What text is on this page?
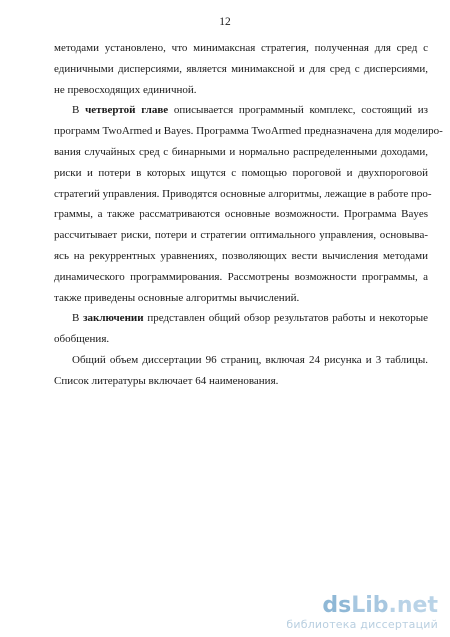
12
методами установлено, что минимаксная стратегия, полученная для сред с
единичными дисперсиями, является минимаксной и для сред с дисперсиями,
не превосходящих единичной.
В четвертой главе описывается программный комплекс, состоящий из
программ TwoArmed и Bayes. Программа TwoArmed предназначена для моделиро-
вания случайных сред с бинарными и нормально распределенными доходами,
риски и потери в которых ищутся с помощью пороговой и двухпороговой
стратегий управления. Приводятся основные алгоритмы, лежащие в работе про-
граммы, а также рассматриваются основные возможности. Программа Bayes
рассчитывает риски, потери и стратегии оптимального управления, основыва-
ясь на рекуррентных уравнениях, позволяющих вести вычисления методами
динамического программирования. Рассмотрены возможности программы, а
также приведены основные алгоритмы вычислений.
В заключении представлен общий обзор результатов работы и некоторые
обобщения.
Общий объем диссертации 96 страниц, включая 24 рисунка и 3 таблицы.
Список литературы включает 64 наименования.
dsLib.net
библиотека диссертаций
